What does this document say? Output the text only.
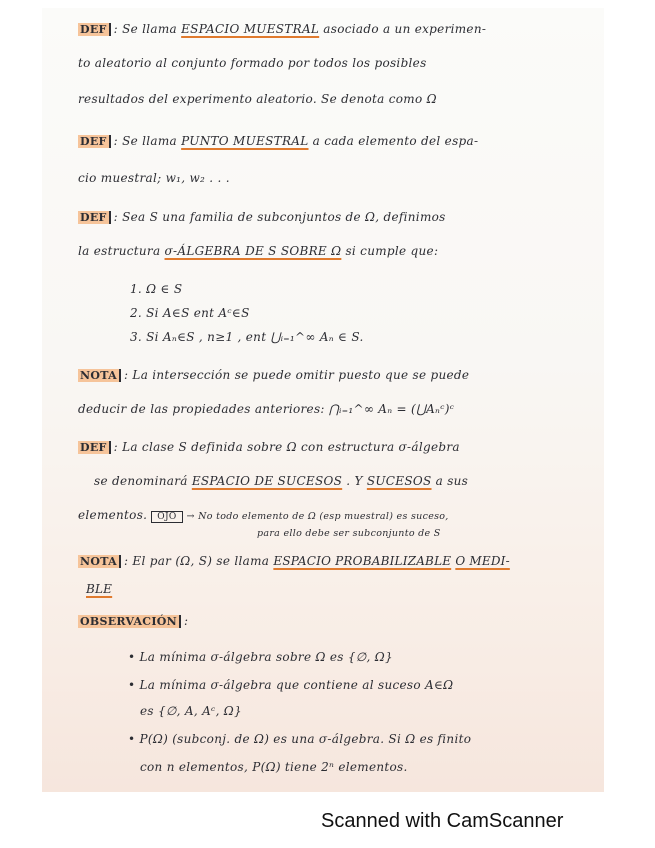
DEF : Se llama ESPACIO MUESTRAL asociado a un experimen-
to aleatorio al conjunto formado por todos los posibles
resultados del experimento aleatorio. Se denota como Ω
DEF : Se llama PUNTO MUESTRAL a cada elemento del espa-
cio muestral; w₁, w₂ . . .
DEF : Sea S una familia de subconjuntos de Ω, definimos
la estructura σ-ÁLGEBRA DE S SOBRE Ω si cumple que:
1. Ω ∈ S
2. Si A∈S ent Aᶜ∈S
3. Si Aₙ∈S , n≥1 , ent ⋃ᵢ₌₁^∞ Aₙ ∈ S.
NOTA : La intersección se puede omitir puesto que se puede
deducir de las propiedades anteriores: ⋂ᵢ₌₁^∞ Aₙ = (⋃Aₙᶜ)ᶜ
DEF : La clase S definida sobre Ω con estructura σ-álgebra
se denominará ESPACIO DE SUCESOS . Y SUCESOS a sus
elementos. OJO → No todo elemento de Ω (esp muestral) es suceso,
para ello debe ser subconjunto de S
NOTA : El par (Ω, S) se llama ESPACIO PROBABILIZABLE O MEDI-
BLE
OBSERVACIÓN :
• La mínima σ-álgebra sobre Ω es {∅, Ω}
• La mínima σ-álgebra que contiene al suceso A∈Ω
es {∅, A, Aᶜ, Ω}
• P(Ω) (subconj. de Ω) es una σ-álgebra. Si Ω es finito
con n elementos, P(Ω) tiene 2ⁿ elementos.
Scanned with CamScanner
